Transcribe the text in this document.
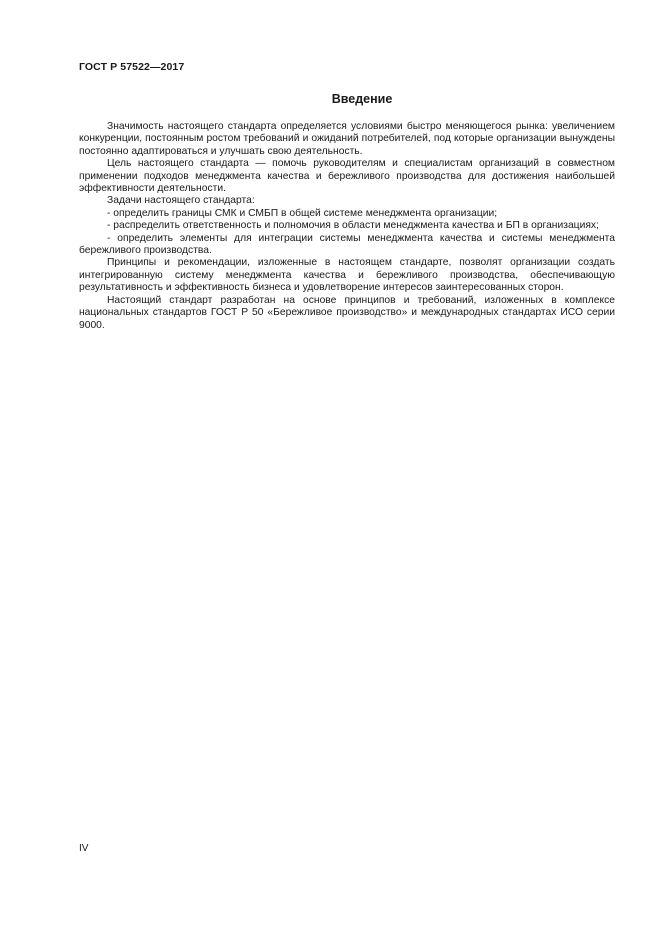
ГОСТ Р 57522—2017
Введение

Значимость настоящего стандарта определяется условиями быстро меняющегося рынка: увеличением конкуренции, постоянным ростом требований и ожиданий потребителей, под которые организации вынуждены постоянно адаптироваться и улучшать свою деятельность.

Цель настоящего стандарта — помочь руководителям и специалистам организаций в совместном применении подходов менеджмента качества и бережливого производства для достижения наибольшей эффективности деятельности.

Задачи настоящего стандарта:

- определить границы СМК и СМБП в общей системе менеджмента организации;

- распределить ответственность и полномочия в области менеджмента качества и БП в организациях;

- определить элементы для интеграции системы менеджмента качества и системы менеджмента бережливого производства.

Принципы и рекомендации, изложенные в настоящем стандарте, позволят организации создать интегрированную систему менеджмента качества и бережливого производства, обеспечивающую результативность и эффективность бизнеса и удовлетворение интересов заинтересованных сторон.

Настоящий стандарт разработан на основе принципов и требований, изложенных в комплексе национальных стандартов ГОСТ Р 50 «Бережливое производство» и международных стандартах ИСО серии 9000.

IV
